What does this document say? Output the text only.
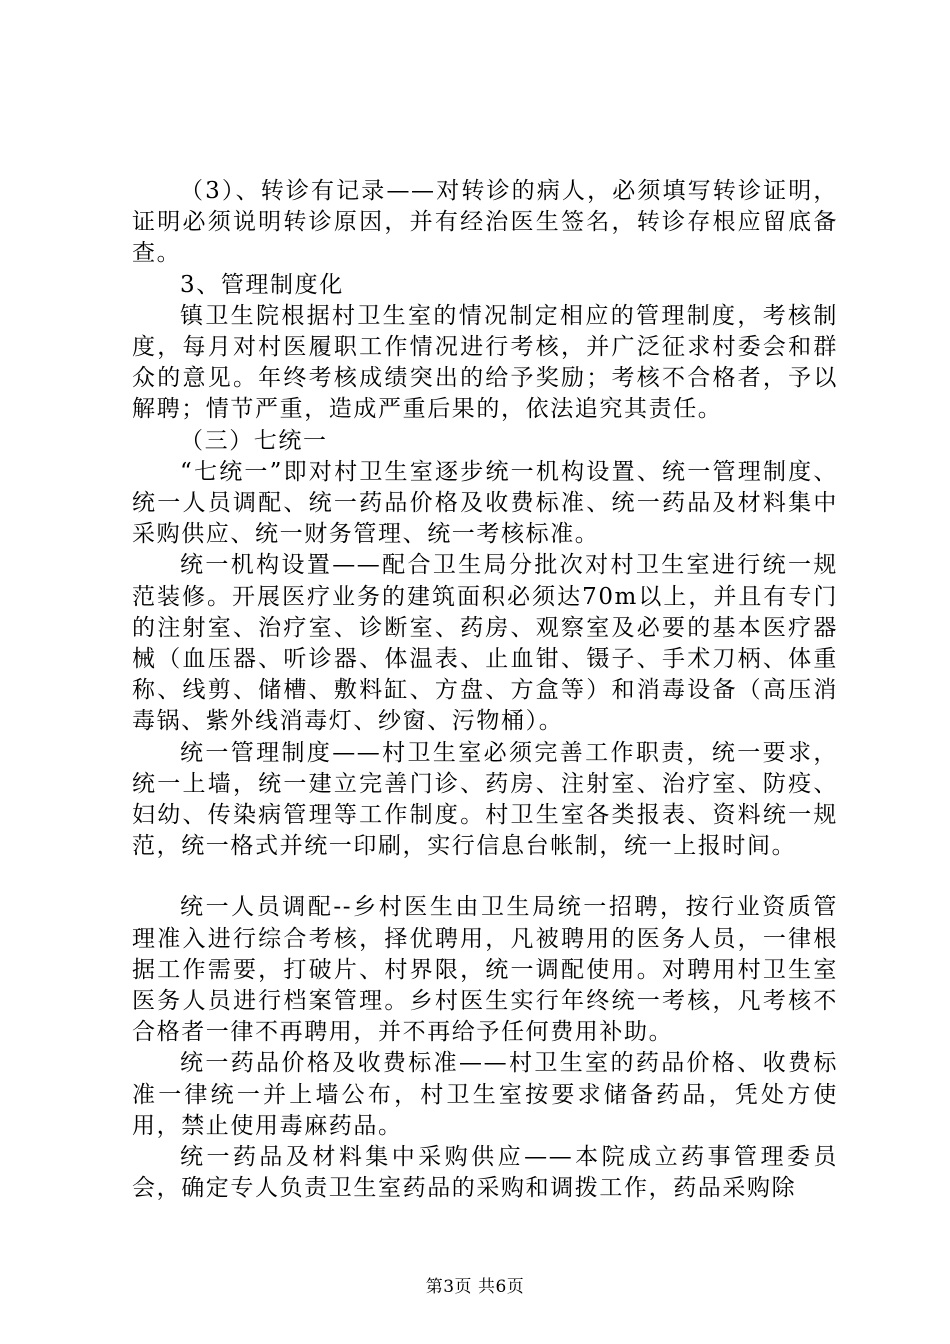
（3）、转诊有记录——对转诊的病人，必须填写转诊证明，证明必须说明转诊原因，并有经治医生签名，转诊存根应留底备查。

3、管理制度化

镇卫生院根据村卫生室的情况制定相应的管理制度，考核制度，每月对村医履职工作情况进行考核，并广泛征求村委会和群众的意见。年终考核成绩突出的给予奖励；考核不合格者，予以解聘；情节严重，造成严重后果的，依法追究其责任。

（三）七统一

“七统一”即对村卫生室逐步统一机构设置、统一管理制度、统一人员调配、统一药品价格及收费标准、统一药品及材料集中采购供应、统一财务管理、统一考核标准。

统一机构设置——配合卫生局分批次对村卫生室进行统一规范装修。开展医疗业务的建筑面积必须达70m以上，并且有专门的注射室、治疗室、诊断室、药房、观察室及必要的基本医疗器械（血压器、听诊器、体温表、止血钳、镊子、手术刀柄、体重称、线剪、储槽、敷料缸、方盘、方盒等）和消毒设备（高压消毒锅、紫外线消毒灯、纱窗、污物桶）。

统一管理制度——村卫生室必须完善工作职责，统一要求，统一上墙，统一建立完善门诊、药房、注射室、治疗室、防疫、妇幼、传染病管理等工作制度。村卫生室各类报表、资料统一规范，统一格式并统一印刷，实行信息台帐制，统一上报时间。

统一人员调配--乡村医生由卫生局统一招聘，按行业资质管理准入进行综合考核，择优聘用，凡被聘用的医务人员，一律根据工作需要，打破片、村界限，统一调配使用。对聘用村卫生室医务人员进行档案管理。乡村医生实行年终统一考核，凡考核不合格者一律不再聘用，并不再给予任何费用补助。

统一药品价格及收费标准——村卫生室的药品价格、收费标准一律统一并上墙公布，村卫生室按要求储备药品，凭处方使用，禁止使用毒麻药品。

统一药品及材料集中采购供应——本院成立药事管理委员会，确定专人负责卫生室药品的采购和调拨工作，药品采购除

第3页 共6页
